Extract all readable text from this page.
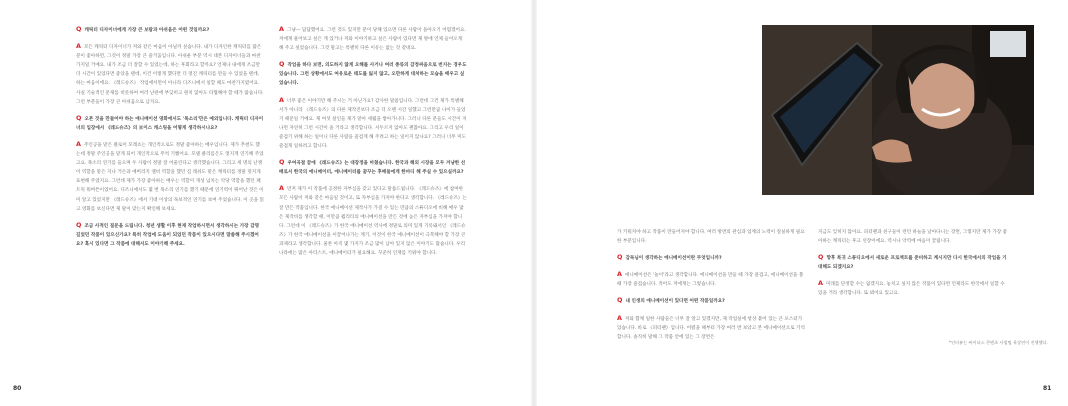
Q 캐릭터 디자이너에게 가장 큰 보람과 아쉬움은 어떤 것일까요?

A 모든 캐릭터 디자이너가 저와 같은 마음이 아닐까 싶습니다. 내가 디자인한 캐릭터를 많은 분이 좋아하면, 그것이 정말 가장 큰 즐거움입니다. 아쉬운 부분 역시 대본 디자이너들과 마찬가지일 거예요. 내가 조금 더 잘할 수 있었는데, 하는 후회라고 할까요? 언제나 내에게 조금만 더 시간이 있었다면 좋았을 텐데, 이건 이렇게 했다면 더 멋진 캐릭터를 만들 수 있었을 텐데, 하는 마음이에요. 《레드슈즈》 작업에서만이 아니라 디즈니에서 일할 때도 마찬가지였어요. 사실 기술적인 문제를 비롯하여 여러 난관에 부딪히고 원치 않아도 타협해야 할 때가 많습니다. 그런 부분들이 가장 큰 아쉬움으로 남지요.

Q 오픈 것을 만들어야 하는 애니메이션 영화에서도 '목소리'만은 예외입니다. 캐릭터 디자이너의 입장에서 《레드슈즈》의 보이스 캐스팅을 어떻게 생각하시나요?

A 주인공을 맡은 클로이 모레츠는 개인적으로도 정말 좋아하는 배우입니다. 제가 추천도 했는데 정말 주인공을 맡게 되어 개인적으로 무척 기뻤어요. 모델 클리를은도 멋지게 연기해 주었고요. 목소리 연기를 들으며 두 사람이 정말 잘 어울린다고 생각했습니다. 그리고 세 명의 난쟁이 역할을 맡은 지나 거손과 애버리지 앨비 역할을 했던 짐 래쉬도 맡은 캐릭터를 정말 멋지게 표현해 주었지요. 그런데 제가 가장 좋아하는 배우는 역할이 개성 넘치는 악당 역할을 했던 패트릭 워버튼이었어요. 디즈니에서도 몇 번 목소리 연기를 했기 때문에 연기력이 뛰어난 것은 이미 알고 있었지만 《레드슈즈》에서 기대 이상의 독보적인 연기를 보여 주었습니다. 이 곳을 읽고 영화를 보신다면 제 말이 맞는지 확인해 보세요.

Q 조금 사적인 질문을 드립니다. 청년 생활 이후 현재 작업하시면서 생각하시는 가장 감명 깊었던 작품이 있으신가요? 특히 작업에 도움이 되었던 작품이 있으시다면 말씀해 주시겠어요? 혹시 있다면 그 작품에 대해서도 이야기해 주세요.

A 그냥— 답답했어요. 그런 것도 있지만 분이 당해 있으면 다른 사람이 돌아오기 어렵겠어요. 저에게 물어보고 싶은 게 있거나 저와 이야기하고 싶은 사람이 있다면 제 방에 언제 들어오게 해 주고 싶었습니다. 그것 말고는 특별히 다른 이유는 없는 것 같네요.

Q 작업을 하다 보면, 의도하지 않게 오해를 사거나 여러 종류의 감정싸움으로 번지는 경우도 있습니다. 그런 상황에서도 여유로운 태도를 잃지 않고, 오만하게 대처하는 모습을 배우고 싶었습니다.

A 너무 좋은 이야기만 해 주시는 거 아닌가요? 감사한 말씀입니다. 그런데 그건 제가 특별해서가 아니라 《레드슈즈》의 다른 제작진보다 조금 더 오랜 시간 일했고 그런만큼 나이가 들었기 때문일 거예요. 제 여섯 살인들 제가 맡아 세월을 쌓아가니다. 그러니 다른 분들도 시간이 지나면 자연히 그런 시간이 올 거라고 생각합니다. 서두르지 않아도 괜찮아요. 그리고 우리 일이 즐겁기 위해 하는 일이니 다른 사람을 즐겁게 해 주려고 하는 일이지 않나요? 그러니 너무 미도 즐겁게 일하려고 합니다.

Q 우여곡절 끝에 《레드슈즈》는 대장정을 마쳤습니다. 한국과 해외 시장을 모두 겨냥한 선배로서 한국의 애니메이터, 애니메이터를 꿈꾸는 후배들에게 한마디 해 주실 수 있으실까요?

A 먼저 제가 이 작품에 공정한 자부심을 갖고 있다고 말씀드립니다. 《레드슈즈》에 참여한 모든 사람이 저와 같은 마음일 것이고, 또 자부심을 가져야 한다고 생각합니다. 《레드슈즈》는 잘 만든 작품입니다. 한국 애니메이션 제작사가 가질 수 있는 만큼의 스튜디오에 비해 매우 많은 제작비를 생각할 때, 이만큼 퀄리티의 애니메이션을 만든 것에 높은 자부심을 가져야 합니다. 그런데 이 《레드슈즈》가 한국 애니메이션 역사에 정말로 의미 있게 기록돼서인 《레드슈즈》가 한국 애니메이션을 이끌어나가는 계기, 이것이 한국 애니메이션이 극복해야 할 가장 큰 과제라고 생각합니다. 물론 아직 몇 가지가 조금 많이 남아 있지 않은 이야기도 많습니다. 우리나라에는 많은 아티스트, 애니메이터가 필요해요. 꾸준히 인재를 키워야 합니다.

가 키워져야 하고 작품이 만들어져야 합니다. 여러 방면의 관심과 업계의 노력이 절실하게 필요한 부분입니다.

Q 감독님이 생각하는 애니메이션이란 무엇입니까?

A 애니메이션은 '놀이'라고 생각합니다. 애니메이션을 만들 때 가장 즐겁고, 애니메이션을 볼 때 가장 즐겁습니다. 적어도 저에게는 그렇습니다.

Q 내 인생의 애니메이션이 있다면 어떤 작품일까요?

A 저와 함께 일한 사람들은 너무 잘 알고 있겠지만, 제 작업실에 항상 붙어 있는 큰 포스터가 있습니다. 바로 《피터팬》입니다. 어렸을 때부터 가장 여러 번 보았고 본 애니메이션으로 기억합니다. 솔직히 말해 그 작품 안에 있는 그 장면은

지금도 잊히지 않아요. 피터팬과 친구들이 런던 하늘을 날아다니는 장면, 그렇지만 제가 가장 좋아하는 캐릭터는 후크 선장이에요. 역시나 악역에 마음이 끌립니다.

Q 향후 복귀 스튜디오에서 새로운 프로젝트를 준비하고 계시지만 다시 한국에서의 작업을 기대해도 되겠지요?

A 미래를 단정할 수는 없겠지요. 놓치고 싶지 않은 작품이 있다면 언제라도 한국에서 일할 수 있을 거라 생각합니다. 또 뵈어요 있고요.

80	81
*인터뷰는 싸이더스 콘텐츠 사업팀 육상연이 진행했다.
